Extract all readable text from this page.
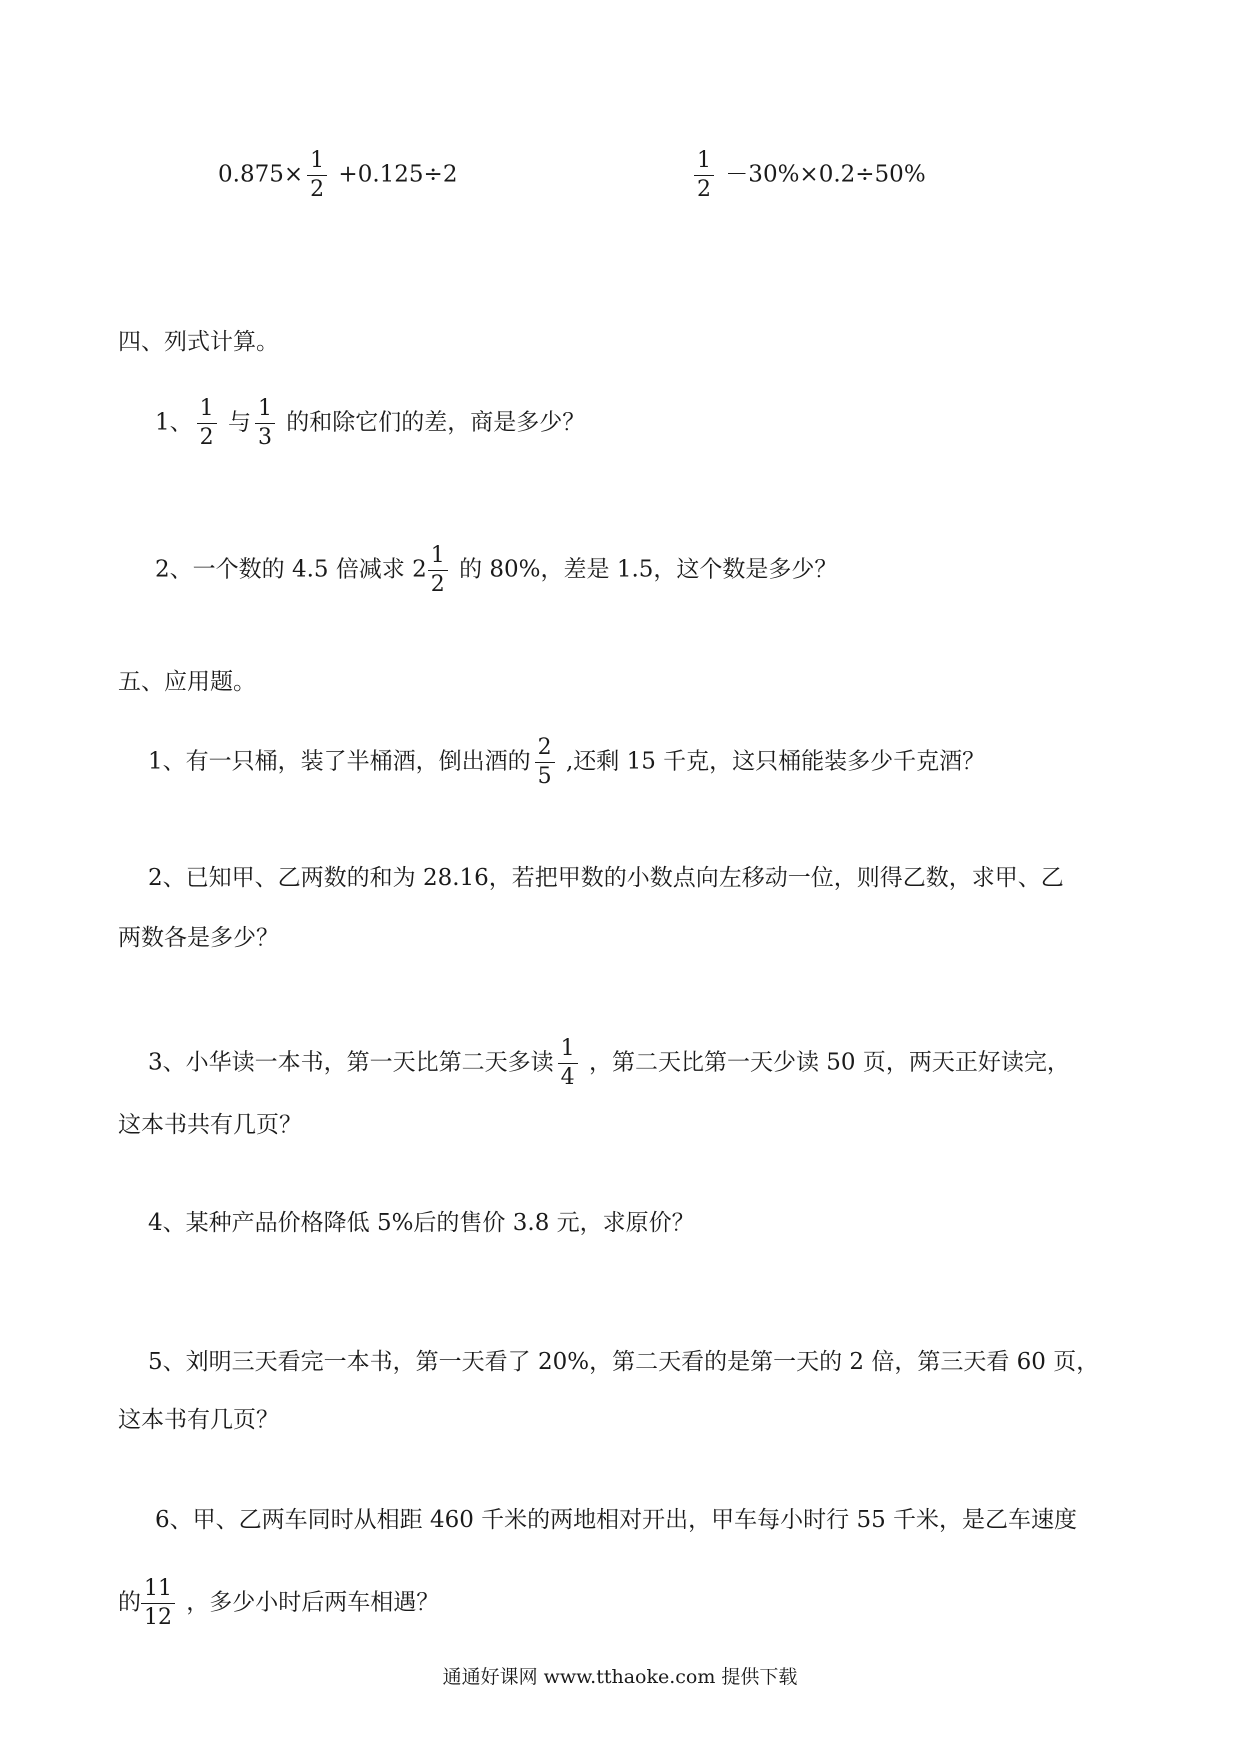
$0.875\times \frac{1}{2} +0.125\div 2$	$\frac{1}{2} -30\%\times 0.2\div 50\%$
四、列式计算。
1、 $\frac{1}{2}$ 与 $\frac{1}{3}$ 的和除它们的差，商是多少？
2、一个数的 4.5 倍减求 $2 \frac{1}{2}$ 的 80%，差是 1.5，这个数是多少？
五、应用题。
1、有一只桶，装了半桶酒，倒出酒的 $\frac{2}{5}$ ,还剩 15 千克，这只桶能装多少千克酒？
2、已知甲、乙两数的和为 28.16，若把甲数的小数点向左移动一位，则得乙数，求甲、乙
两数各是多少？
3、小华读一本书，第一天比第二天多读 $\frac{1}{4}$ ，第二天比第一天少读 50 页，两天正好读完，
这本书共有几页？
4、某种产品价格降低 5%后的售价 3.8 元，求原价？
5、刘明三天看完一本书，第一天看了 20%，第二天看的是第一天的 2 倍，第三天看 60 页，
这本书有几页？
6、甲、乙两车同时从相距 460 千米的两地相对开出，甲车每小时行 55 千米，是乙车速度
的 $\frac{11}{12}$ ，多少小时后两车相遇？
通通好课网 www.tthaoke.com 提供下载
